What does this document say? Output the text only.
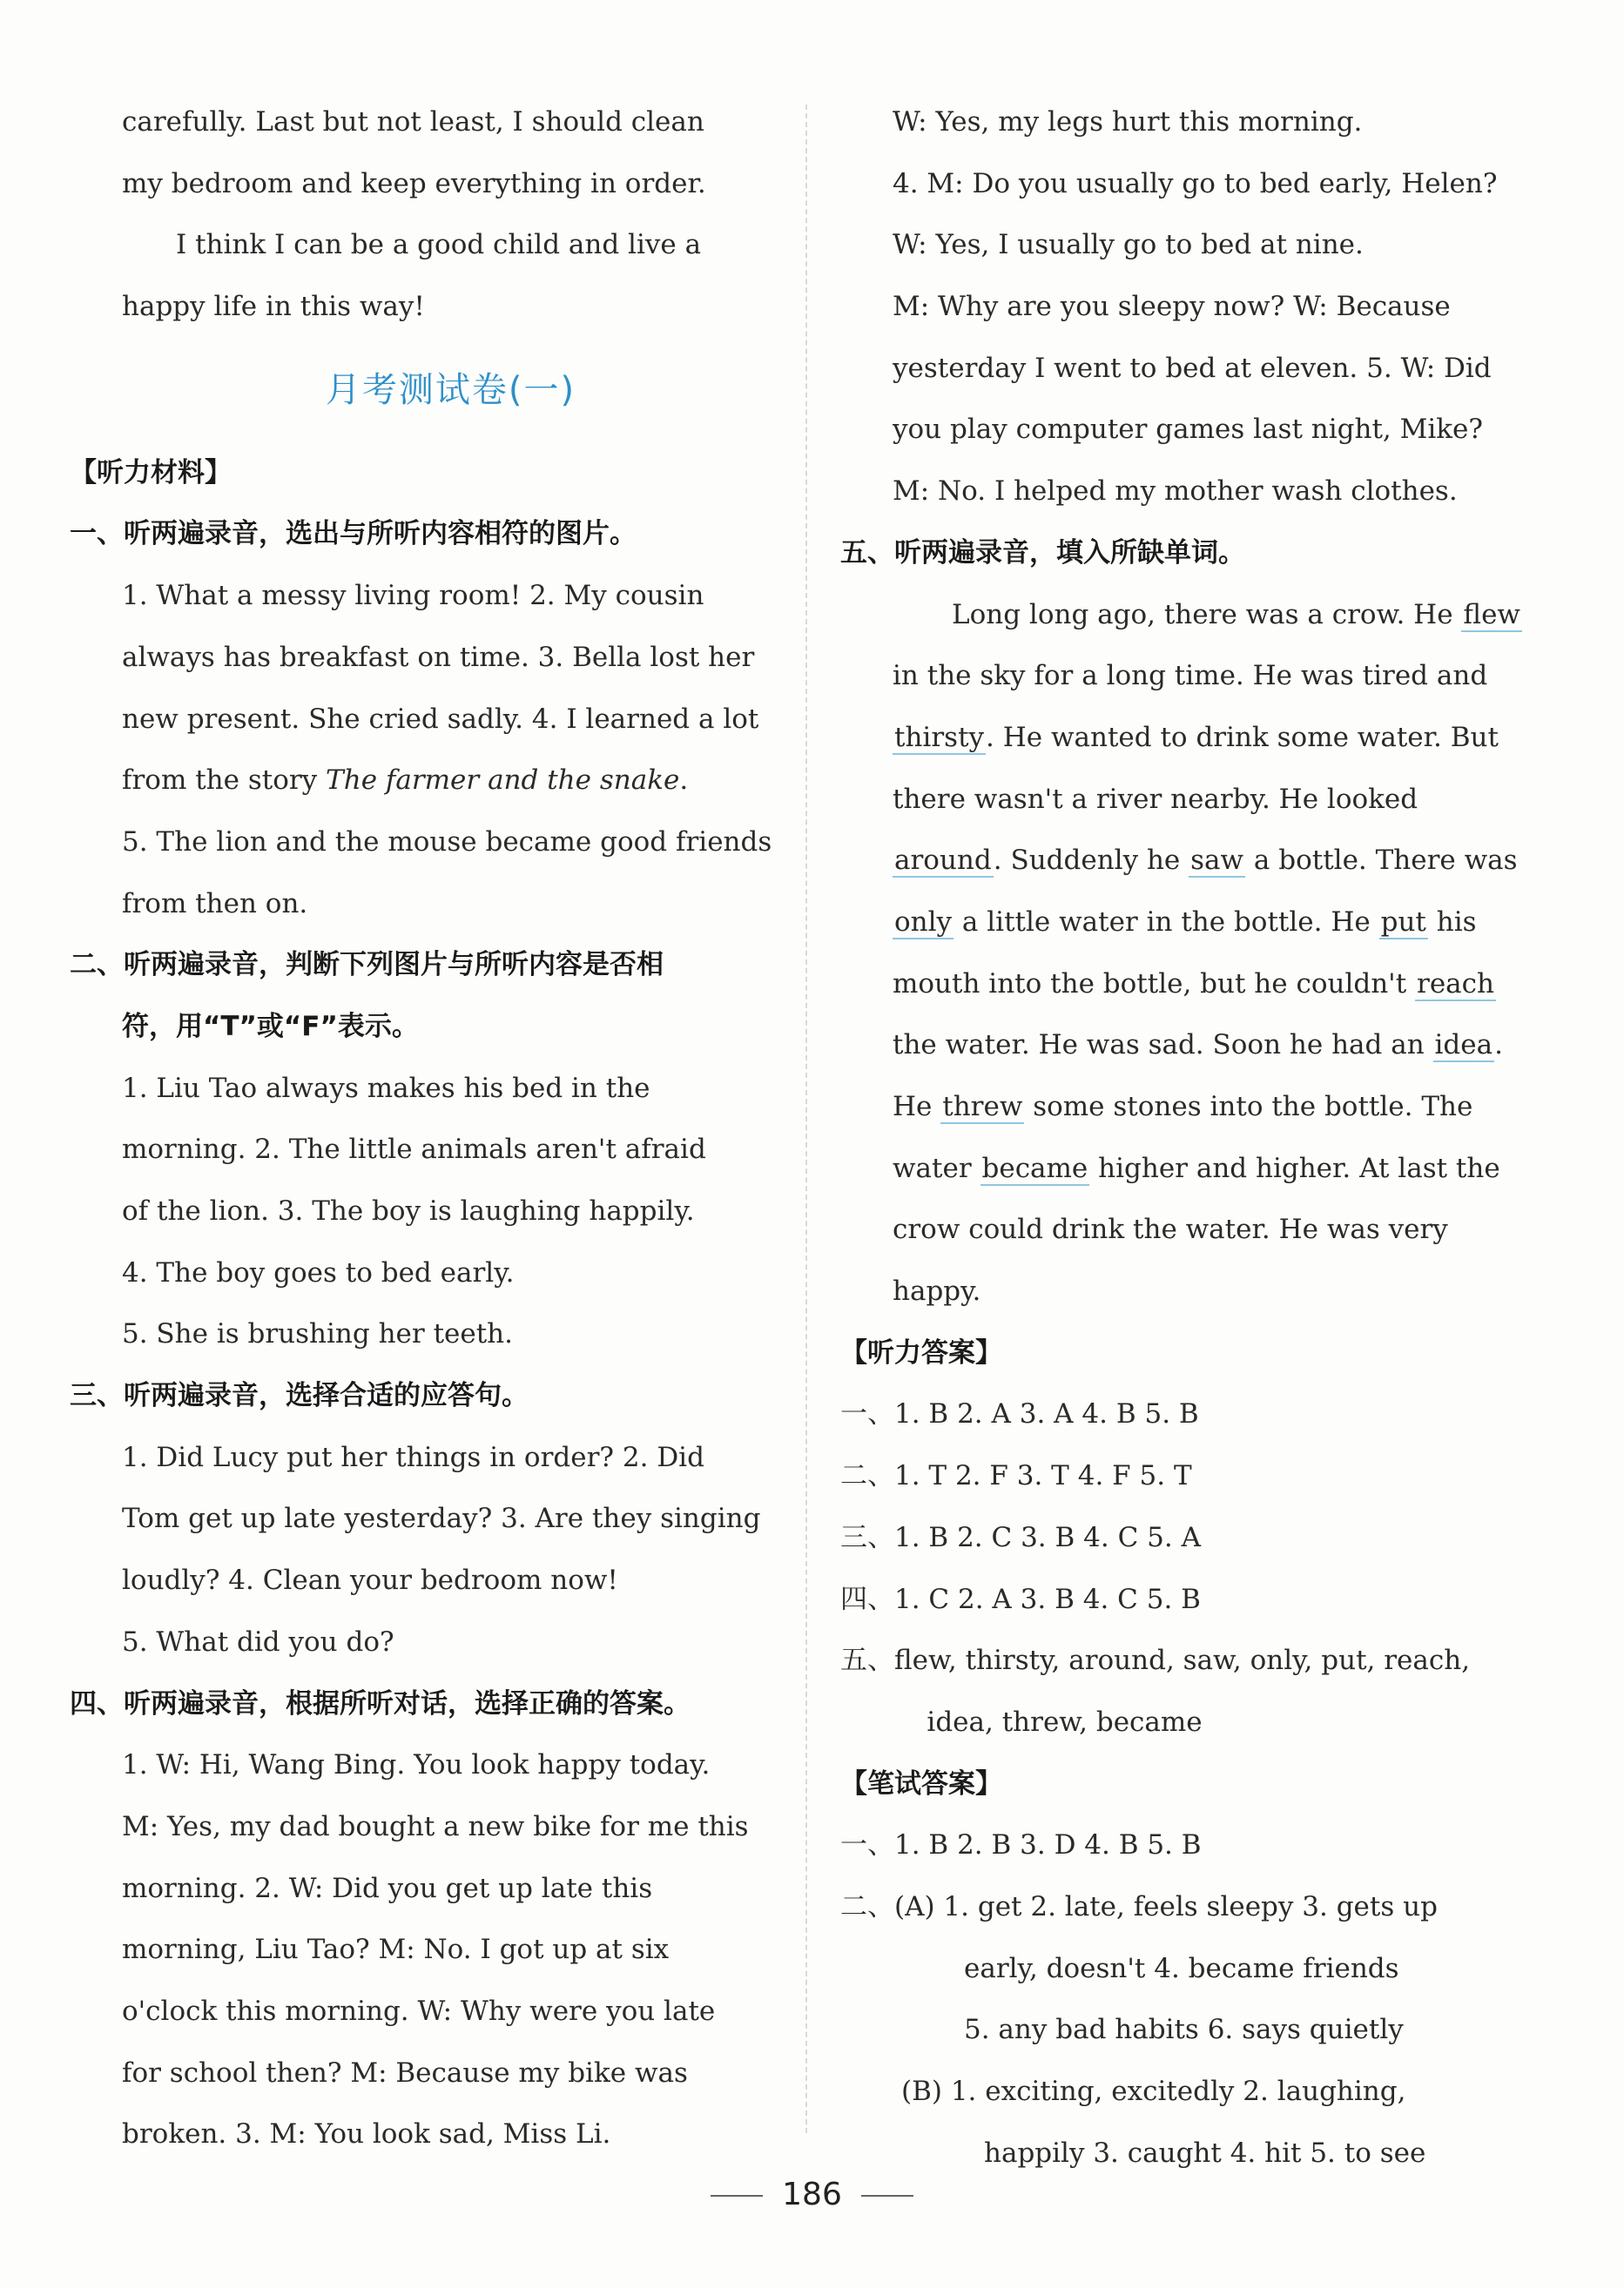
carefully. Last but not least, I should clean
my bedroom and keep everything in order.
I think I can be a good child and live a
happy life in this way!
月考测试卷(一)
【听力材料】
一、听两遍录音，选出与所听内容相符的图片。
1. What a messy living room! 2. My cousin
always has breakfast on time. 3. Bella lost her
new present. She cried sadly. 4. I learned a lot
from the story The farmer and the snake.
5. The lion and the mouse became good friends
from then on.
二、听两遍录音，判断下列图片与所听内容是否相
符，用“T”或“F”表示。
1. Liu Tao always makes his bed in the
morning. 2. The little animals aren't afraid
of the lion. 3. The boy is laughing happily.
4. The boy goes to bed early.
5. She is brushing her teeth.
三、听两遍录音，选择合适的应答句。
1. Did Lucy put her things in order? 2. Did
Tom get up late yesterday? 3. Are they singing
loudly? 4. Clean your bedroom now!
5. What did you do?
四、听两遍录音，根据所听对话，选择正确的答案。
1. W: Hi, Wang Bing. You look happy today.
M: Yes, my dad bought a new bike for me this
morning. 2. W: Did you get up late this
morning, Liu Tao? M: No. I got up at six
o'clock this morning. W: Why were you late
for school then? M: Because my bike was
broken. 3. M: You look sad, Miss Li.
W: Yes, my legs hurt this morning.
4. M: Do you usually go to bed early, Helen?
W: Yes, I usually go to bed at nine.
M: Why are you sleepy now? W: Because
yesterday I went to bed at eleven. 5. W: Did
you play computer games last night, Mike?
M: No. I helped my mother wash clothes.
五、听两遍录音，填入所缺单词。
Long long ago, there was a crow. He flew
in the sky for a long time. He was tired and
thirsty. He wanted to drink some water. But
there wasn't a river nearby. He looked
around. Suddenly he saw a bottle. There was
only a little water in the bottle. He put his
mouth into the bottle, but he couldn't reach
the water. He was sad. Soon he had an idea.
He threw some stones into the bottle. The
water became higher and higher. At last the
crow could drink the water. He was very
happy.
【听力答案】
一、1. B 2. A 3. A 4. B 5. B
二、1. T 2. F 3. T 4. F 5. T
三、1. B 2. C 3. B 4. C 5. A
四、1. C 2. A 3. B 4. C 5. B
五、flew, thirsty, around, saw, only, put, reach,
idea, threw, became
【笔试答案】
一、1. B 2. B 3. D 4. B 5. B
二、(A) 1. get 2. late, feels sleepy 3. gets up
early, doesn't 4. became friends
5. any bad habits 6. says quietly
(B) 1. exciting, excitedly 2. laughing,
happily 3. caught 4. hit 5. to see
186
